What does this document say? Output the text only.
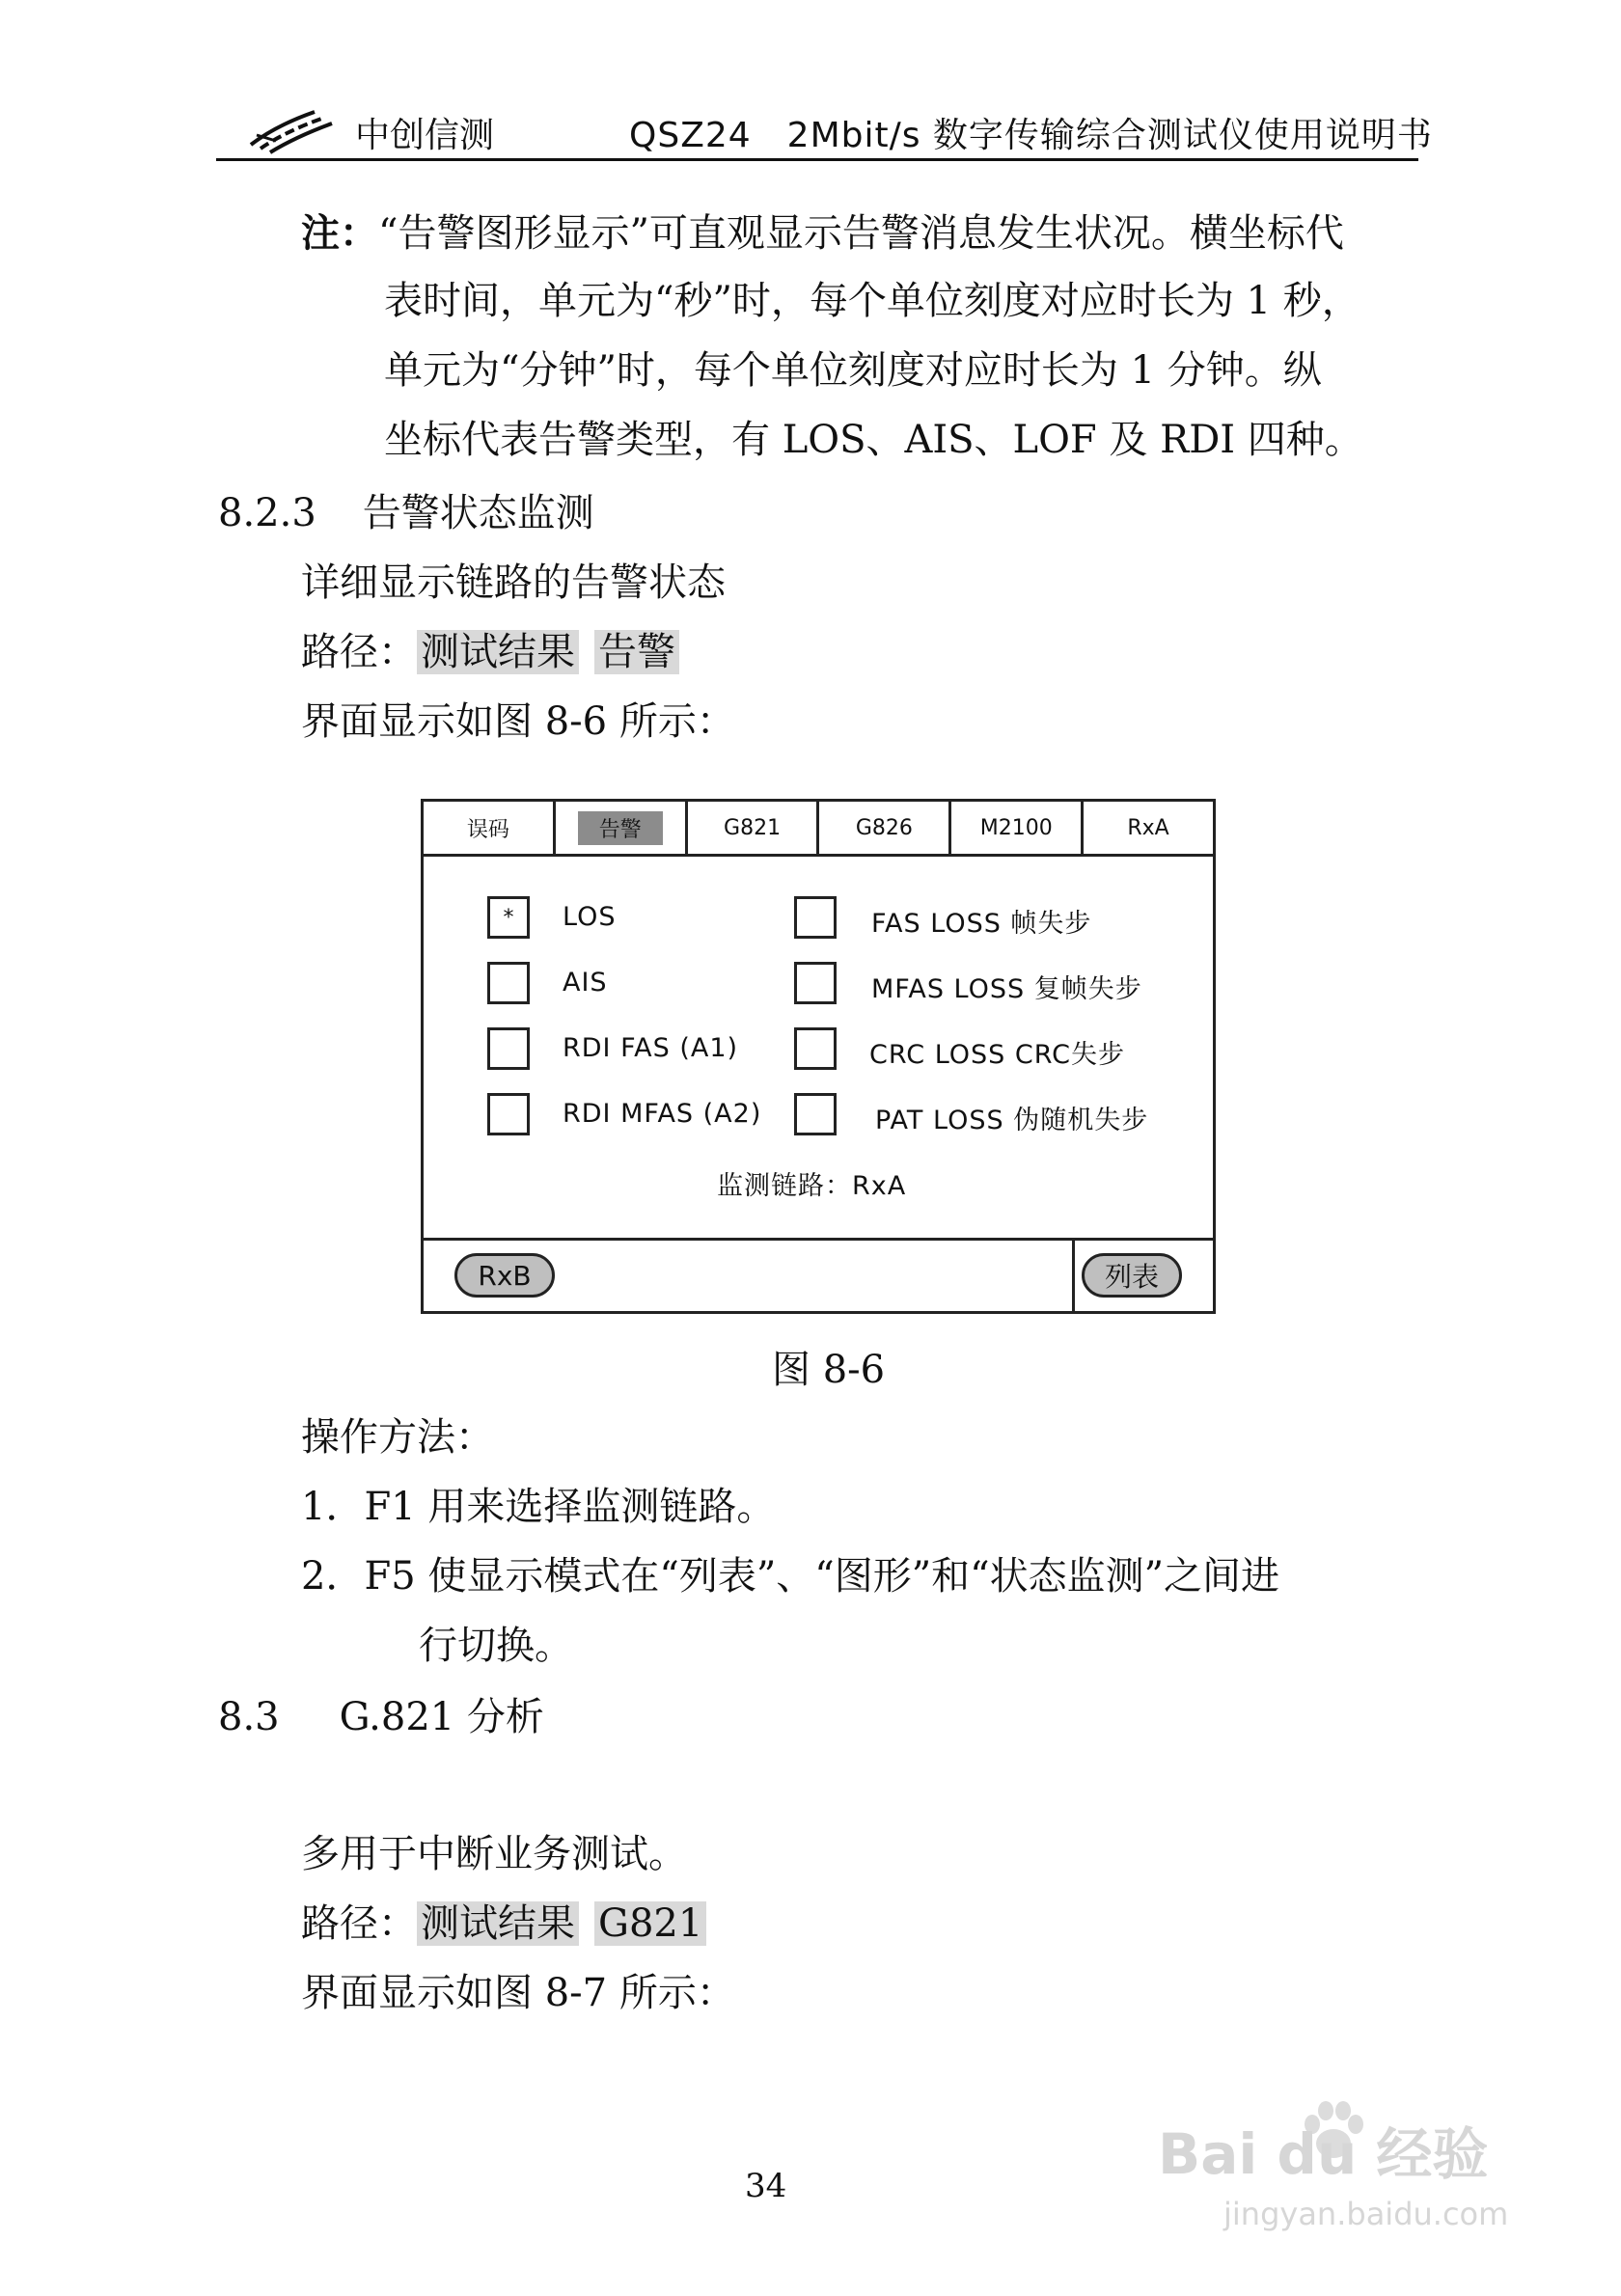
中创信测	QSZ24　2Mbit/s 数字传输综合测试仪使用说明书
注：“告警图形显示”可直观显示告警消息发生状况。横坐标代
表时间，单元为“秒”时，每个单位刻度对应时长为 1 秒，
单元为“分钟”时，每个单位刻度对应时长为 1 分钟。纵
坐标代表告警类型，有 LOS、AIS、LOF 及 RDI 四种。
8.2.3 告警状态监测
详细显示链路的告警状态
路径： 测试结果 告警
界面显示如图 8-6 所示：
误码	告警	G821	G826	M2100	RxA
*	LOS
AIS
RDI FAS (A1)
RDI MFAS (A2)
FAS LOSS 帧失步
MFAS LOSS 复帧失步
CRC LOSS CRC失步
PAT LOSS 伪随机失步
监测链路：RxA
RxB	列表
图 8-6
操作方法：
1．F1 用来选择监测链路。
2．F5 使显示模式在“列表”、“图形”和“状态监测”之间进
行切换。
8.3 G.821 分析
多用于中断业务测试。
路径： 测试结果 G821
界面显示如图 8-7 所示：
34	Bai du 经验
jingyan.baidu.com
